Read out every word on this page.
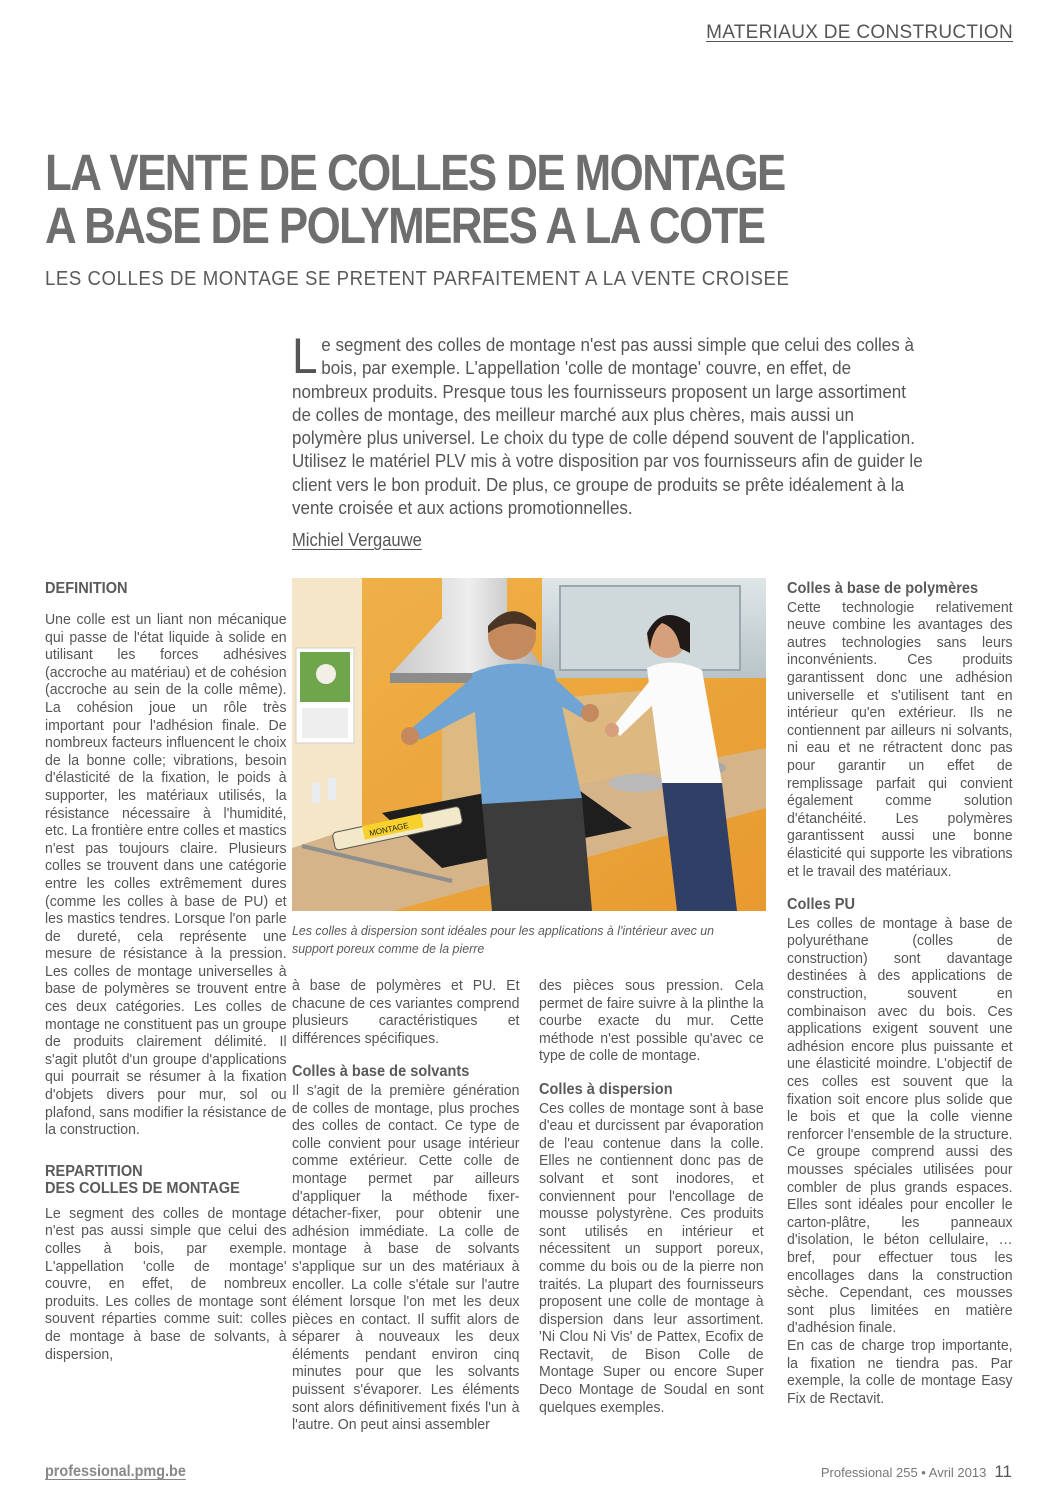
MATERIAUX DE CONSTRUCTION
LA VENTE DE COLLES DE MONTAGE
A BASE DE POLYMERES A LA COTE
LES COLLES DE MONTAGE SE PRETENT PARFAITEMENT A LA VENTE CROISEE
Le segment des colles de montage n'est pas aussi simple que celui des colles à bois, par exemple. L'appellation 'colle de montage' couvre, en effet, de nombreux produits. Presque tous les fournisseurs proposent un large assortiment de colles de montage, des meilleur marché aux plus chères, mais aussi un polymère plus universel. Le choix du type de colle dépend souvent de l'application. Utilisez le matériel PLV mis à votre disposition par vos fournisseurs afin de guider le client vers le bon produit. De plus, ce groupe de produits se prête idéalement à la vente croisée et aux actions promotionnelles.
Michiel Vergauwe

DEFINITION

Une colle est un liant non mécanique qui passe de l'état liquide à solide en utilisant les forces adhésives (accroche au matériau) et de cohésion (accroche au sein de la colle même). La cohésion joue un rôle très important pour l'adhésion finale. De nombreux facteurs influencent le choix de la bonne colle; vibrations, besoin d'élasticité de la fixation, le poids à supporter, les matériaux utilisés, la résistance nécessaire à l'humidité, etc. La frontière entre colles et mastics n'est pas toujours claire. Plusieurs colles se trouvent dans une catégorie entre les colles extrêmement dures (comme les colles à base de PU) et les mastics tendres. Lorsque l'on parle de dureté, cela représente une mesure de résistance à la pression. Les colles de montage universelles à base de polymères se trouvent entre ces deux catégories. Les colles de montage ne constituent pas un groupe de produits clairement délimité. Il s'agit plutôt d'un groupe d'applications qui pourrait se résumer à la fixation d'objets divers pour mur, sol ou plafond, sans modifier la résistance de la construction.

REPARTITION
DES COLLES DE MONTAGE

Le segment des colles de montage n'est pas aussi simple que celui des colles à bois, par exemple. L'appellation 'colle de montage' couvre, en effet, de nombreux produits. Les colles de montage sont souvent réparties comme suit: colles de montage à base de solvants, à dispersion,

MONTAGE
Les colles à dispersion sont idéales pour les applications à l'intérieur avec un support poreux comme de la pierre

à base de polymères et PU. Et chacune de ces variantes comprend plusieurs caractéristiques et différences spécifiques.

Colles à base de solvants

Il s'agit de la première génération de colles de montage, plus proches des colles de contact. Ce type de colle convient pour usage intérieur comme extérieur. Cette colle de montage permet par ailleurs d'appliquer la méthode fixer-détacher-fixer, pour obtenir une adhésion immédiate. La colle de montage à base de solvants s'applique sur un des matériaux à encoller. La colle s'étale sur l'autre élément lorsque l'on met les deux pièces en contact. Il suffit alors de séparer à nouveaux les deux éléments pendant environ cinq minutes pour que les solvants puissent s'évaporer. Les éléments sont alors définitivement fixés l'un à l'autre. On peut ainsi assembler

des pièces sous pression. Cela permet de faire suivre à la plinthe la courbe exacte du mur. Cette méthode n'est possible qu'avec ce type de colle de montage.

Colles à dispersion

Ces colles de montage sont à base d'eau et durcissent par évaporation de l'eau contenue dans la colle. Elles ne contiennent donc pas de solvant et sont inodores, et conviennent pour l'encollage de mousse polystyrène. Ces produits sont utilisés en intérieur et nécessitent un support poreux, comme du bois ou de la pierre non traités. La plupart des fournisseurs proposent une colle de montage à dispersion dans leur assortiment. 'Ni Clou Ni Vis' de Pattex, Ecofix de Rectavit, de Bison Colle de Montage Super ou encore Super Deco Montage de Soudal en sont quelques exemples.

Colles à base de polymères

Cette technologie relativement neuve combine les avantages des autres technologies sans leurs inconvénients. Ces produits garantissent donc une adhésion universelle et s'utilisent tant en intérieur qu'en extérieur. Ils ne contiennent par ailleurs ni solvants, ni eau et ne rétractent donc pas pour garantir un effet de remplissage parfait qui convient également comme solution d'étanchéité. Les polymères garantissent aussi une bonne élasticité qui supporte les vibrations et le travail des matériaux.

Colles PU

Les colles de montage à base de polyuréthane (colles de construction) sont davantage destinées à des applications de construction, souvent en combinaison avec du bois. Ces applications exigent souvent une adhésion encore plus puissante et une élasticité moindre. L'objectif de ces colles est souvent que la fixation soit encore plus solide que le bois et que la colle vienne renforcer l'ensemble de la structure. Ce groupe comprend aussi des mousses spéciales utilisées pour combler de plus grands espaces. Elles sont idéales pour encoller le carton-plâtre, les panneaux d'isolation, le béton cellulaire, … bref, pour effectuer tous les encollages dans la construction sèche. Cependant, ces mousses sont plus limitées en matière d'adhésion finale.

En cas de charge trop importante, la fixation ne tiendra pas. Par exemple, la colle de montage Easy Fix de Rectavit.

professional.pmg.be	Professional 255 • Avril 2013 11
